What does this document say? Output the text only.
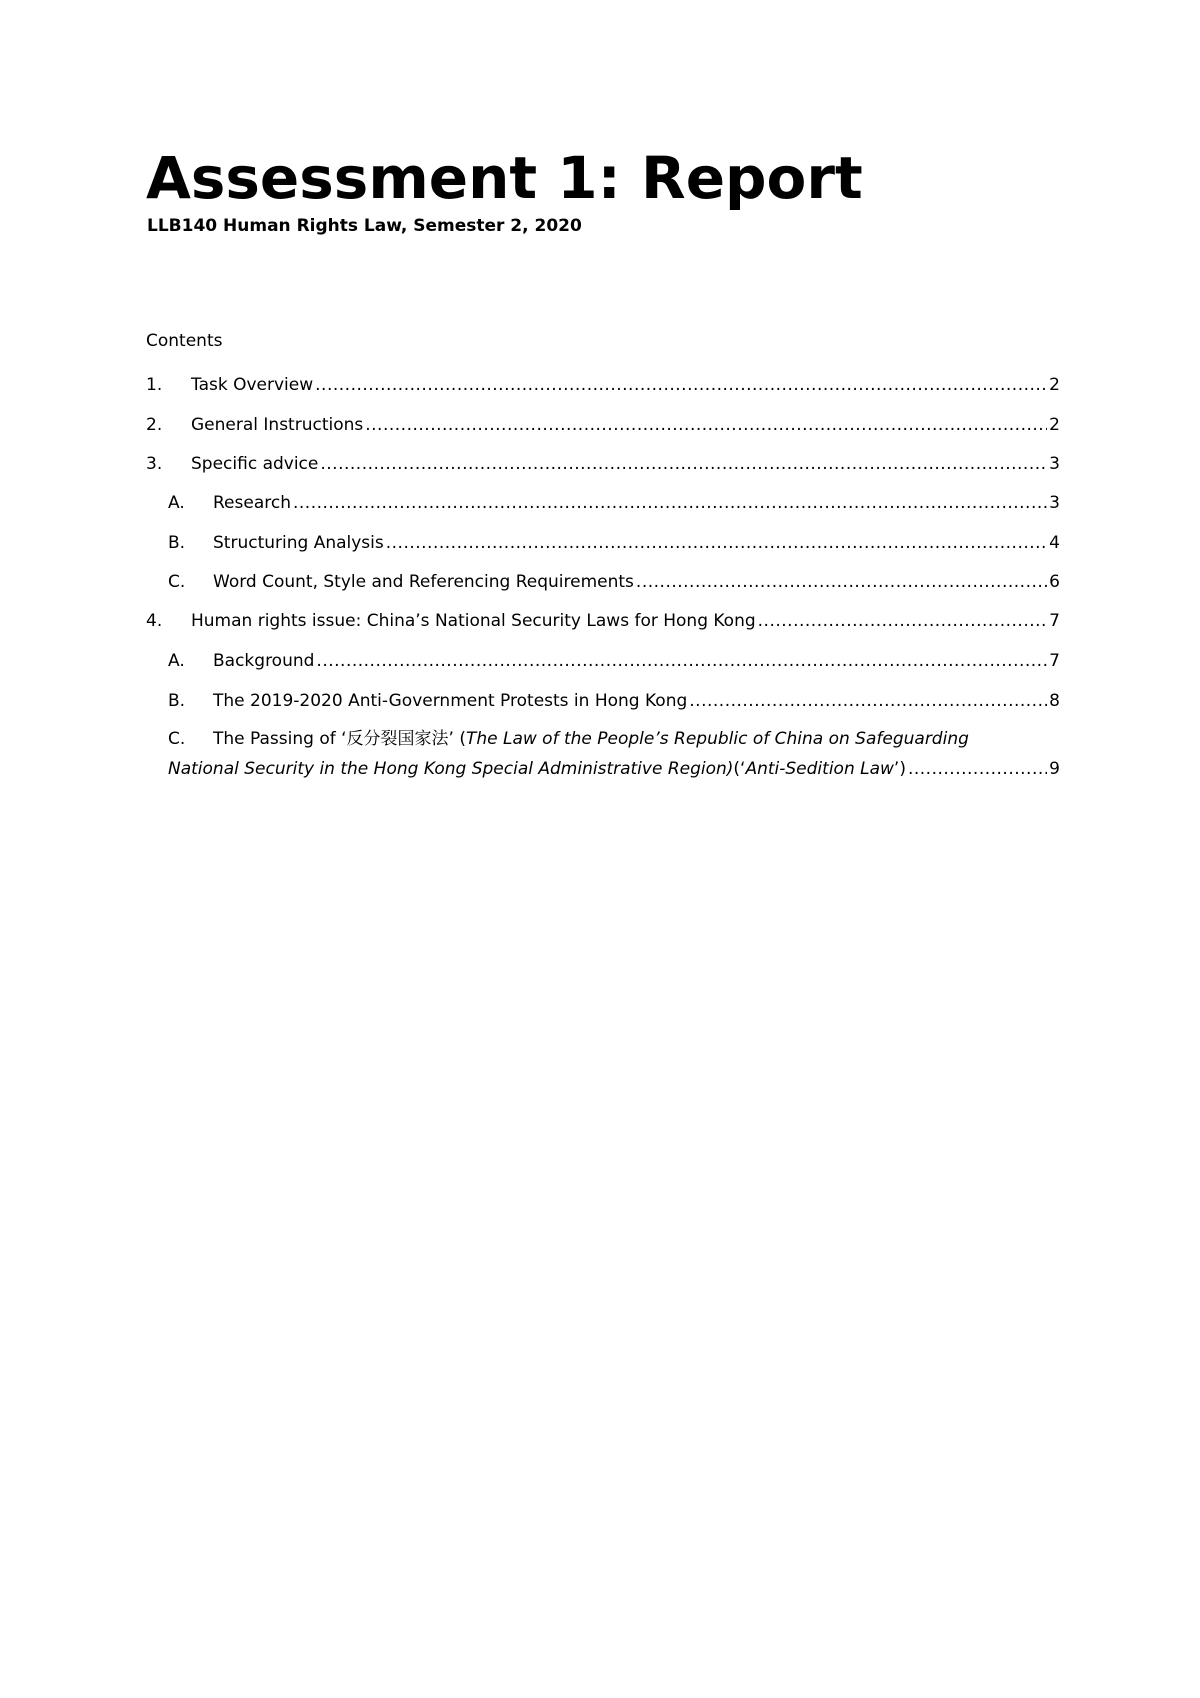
Assessment 1: Report
LLB140 Human Rights Law, Semester 2, 2020
Contents
1.	Task Overview .....	2
2.	General Instructions .....	2
3.	Specific advice .....	3
A.	Research .....	3
B.	Structuring Analysis .....	4
C.	Word Count, Style and Referencing Requirements .....	6
4.	Human rights issue: China’s National Security Laws for Hong Kong .....	7
A.	Background .....	7
B.	The 2019-2020 Anti-Government Protests in Hong Kong .....	8
C.	The Passing of ‘反分裂国家法’ ( The Law of the People’s Republic of China on Safeguarding
National Security in the Hong Kong Special Administrative Region) (‘ Anti-Sedition Law ’) .....	9
